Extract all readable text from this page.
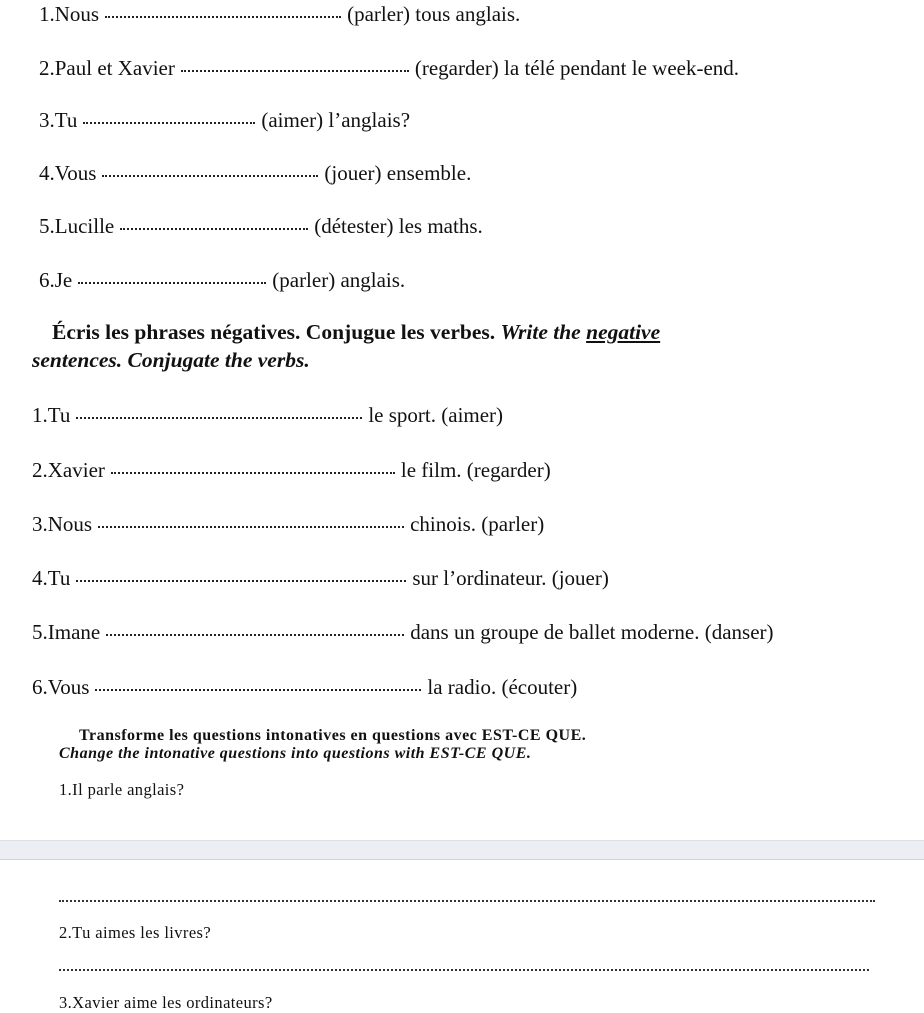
1.Nous	(parler) tous anglais.
2.Paul et Xavier	(regarder) la télé pendant le week-end.
3.Tu	(aimer) l’anglais?
4.Vous	(jouer) ensemble.
5.Lucille	(détester) les maths.
6.Je	(parler) anglais.
Écris les phrases négatives. Conjugue les verbes. Write the negative
sentences. Conjugate the verbs.
1.Tu	le sport. (aimer)
2.Xavier	le film. (regarder)
3.Nous	chinois. (parler)
4.Tu	sur l’ordinateur. (jouer)
5.Imane	dans un groupe de ballet moderne. (danser)
6.Vous	la radio. (écouter)
Transforme les questions intonatives en questions avec EST-CE QUE.
Change the intonative questions into questions with EST-CE QUE.
1.Il parle anglais?
2.Tu aimes les livres?
3.Xavier aime les ordinateurs?
